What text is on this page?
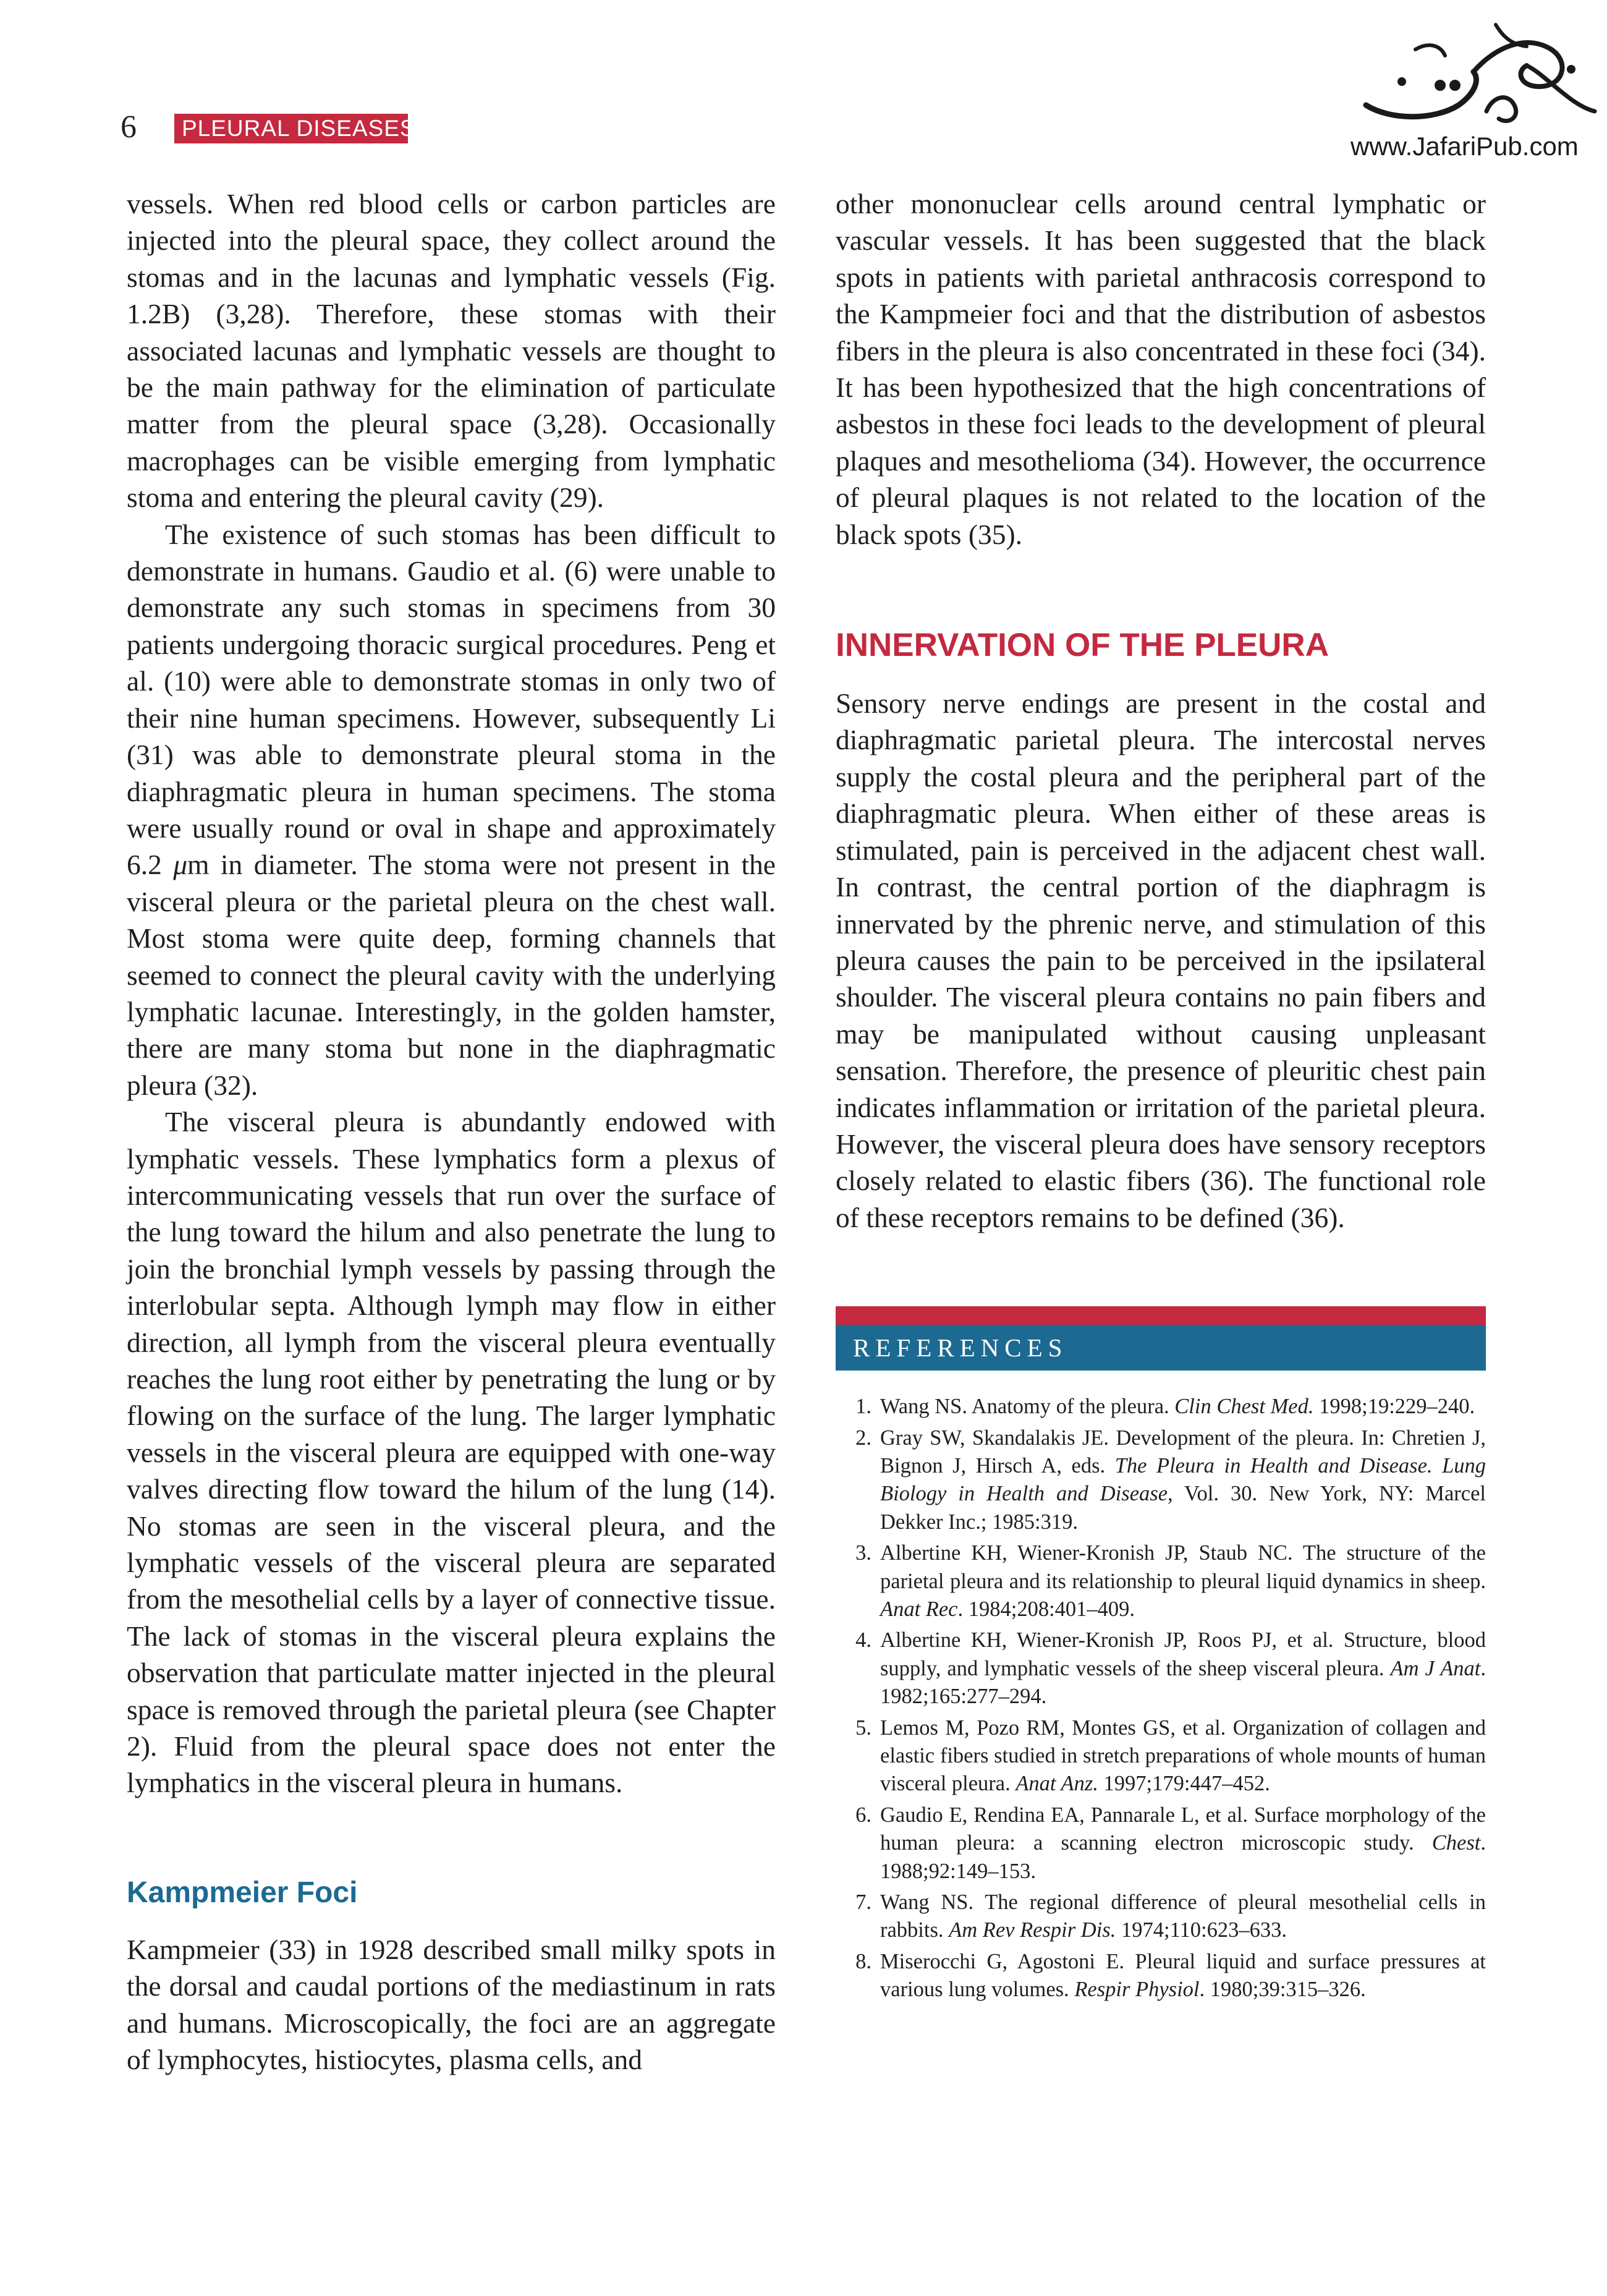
6	PLEURAL DISEASES
www.JafariPub.com

vessels. When red blood cells or carbon particles are injected into the pleural space, they collect around the stomas and in the lacunas and lymphatic vessels (Fig. 1.2B) (3,28). Therefore, these stomas with their associated lacunas and lymphatic vessels are thought to be the main pathway for the elimination of particulate matter from the pleural space (3,28). Occasionally macrophages can be visible emerging from lymphatic stoma and entering the pleural cavity (29).

The existence of such stomas has been difficult to demonstrate in humans. Gaudio et al. (6) were unable to demonstrate any such stomas in specimens from 30 patients undergoing thoracic surgical procedures. Peng et al. (10) were able to demonstrate stomas in only two of their nine human specimens. However, subsequently Li (31) was able to demonstrate pleural stoma in the diaphragmatic pleura in human specimens. The stoma were usually round or oval in shape and approximately 6.2 μm in diameter. The stoma were not present in the visceral pleura or the parietal pleura on the chest wall. Most stoma were quite deep, forming channels that seemed to connect the pleural cavity with the underlying lymphatic lacunae. Interestingly, in the golden hamster, there are many stoma but none in the diaphragmatic pleura (32).

The visceral pleura is abundantly endowed with lymphatic vessels. These lymphatics form a plexus of intercommunicating vessels that run over the surface of the lung toward the hilum and also penetrate the lung to join the bronchial lymph vessels by passing through the interlobular septa. Although lymph may flow in either direction, all lymph from the visceral pleura eventually reaches the lung root either by penetrating the lung or by flowing on the surface of the lung. The larger lymphatic vessels in the visceral pleura are equipped with one-way valves directing flow toward the hilum of the lung (14). No stomas are seen in the visceral pleura, and the lymphatic vessels of the visceral pleura are separated from the mesothelial cells by a layer of connective tissue. The lack of stomas in the visceral pleura explains the observation that particulate matter injected in the pleural space is removed through the parietal pleura (see Chapter 2). Fluid from the pleural space does not enter the lymphatics in the visceral pleura in humans.

Kampmeier Foci

Kampmeier (33) in 1928 described small milky spots in the dorsal and caudal portions of the mediastinum in rats and humans. Microscopically, the foci are an aggregate of lymphocytes, histiocytes, plasma cells, and

other mononuclear cells around central lymphatic or vascular vessels. It has been suggested that the black spots in patients with parietal anthracosis correspond to the Kampmeier foci and that the distribution of asbestos fibers in the pleura is also concentrated in these foci (34). It has been hypothesized that the high concentrations of asbestos in these foci leads to the development of pleural plaques and mesothelioma (34). However, the occurrence of pleural plaques is not related to the location of the black spots (35).

INNERVATION OF THE PLEURA

Sensory nerve endings are present in the costal and diaphragmatic parietal pleura. The intercostal nerves supply the costal pleura and the peripheral part of the diaphragmatic pleura. When either of these areas is stimulated, pain is perceived in the adjacent chest wall. In contrast, the central portion of the diaphragm is innervated by the phrenic nerve, and stimulation of this pleura causes the pain to be perceived in the ipsilateral shoulder. The visceral pleura contains no pain fibers and may be manipulated without causing unpleasant sensation. Therefore, the presence of pleuritic chest pain indicates inflammation or irritation of the parietal pleura. However, the visceral pleura does have sensory receptors closely related to elastic fibers (36). The functional role of these receptors remains to be defined (36).

REFERENCES
1. Wang NS. Anatomy of the pleura. Clin Chest Med. 1998;19:229–240.
2. Gray SW, Skandalakis JE. Development of the pleura. In: Chretien J, Bignon J, Hirsch A, eds. The Pleura in Health and Disease. Lung Biology in Health and Disease, Vol. 30. New York, NY: Marcel Dekker Inc.; 1985:319.
3. Albertine KH, Wiener-Kronish JP, Staub NC. The structure of the parietal pleura and its relationship to pleural liquid dynamics in sheep. Anat Rec. 1984;208:401–409.
4. Albertine KH, Wiener-Kronish JP, Roos PJ, et al. Structure, blood supply, and lymphatic vessels of the sheep visceral pleura. Am J Anat. 1982;165:277–294.
5. Lemos M, Pozo RM, Montes GS, et al. Organization of collagen and elastic fibers studied in stretch preparations of whole mounts of human visceral pleura. Anat Anz. 1997;179:447–452.
6. Gaudio E, Rendina EA, Pannarale L, et al. Surface morphology of the human pleura: a scanning electron microscopic study. Chest. 1988;92:149–153.
7. Wang NS. The regional difference of pleural mesothelial cells in rabbits. Am Rev Respir Dis. 1974;110:623–633.
8. Miserocchi G, Agostoni E. Pleural liquid and surface pressures at various lung volumes. Respir Physiol. 1980;39:315–326.
